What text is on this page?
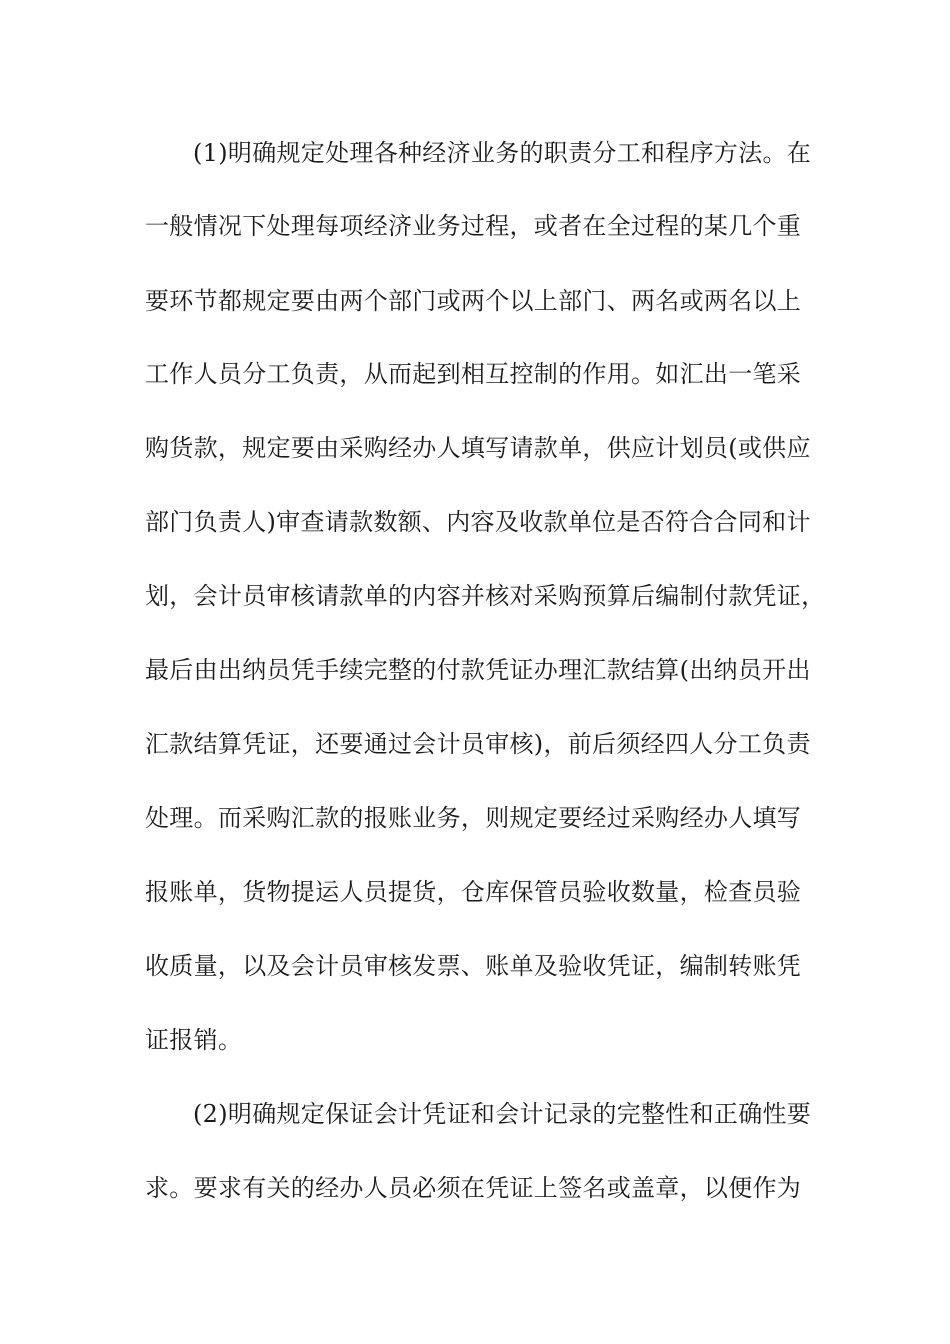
(1)明确规定处理各种经济业务的职责分工和程序方法。在
一般情况下处理每项经济业务过程，或者在全过程的某几个重
要环节都规定要由两个部门或两个以上部门、两名或两名以上
工作人员分工负责，从而起到相互控制的作用。如汇出一笔采
购货款，规定要由采购经办人填写请款单，供应计划员(或供应
部门负责人)审查请款数额、内容及收款单位是否符合合同和计
划，会计员审核请款单的内容并核对采购预算后编制付款凭证，
最后由出纳员凭手续完整的付款凭证办理汇款结算(出纳员开出
汇款结算凭证，还要通过会计员审核)，前后须经四人分工负责
处理。而采购汇款的报账业务，则规定要经过采购经办人填写
报账单，货物提运人员提货，仓库保管员验收数量，检查员验
收质量，以及会计员审核发票、账单及验收凭证，编制转账凭
证报销。
(2)明确规定保证会计凭证和会计记录的完整性和正确性要
求。要求有关的经办人员必须在凭证上签名或盖章，以便作为
